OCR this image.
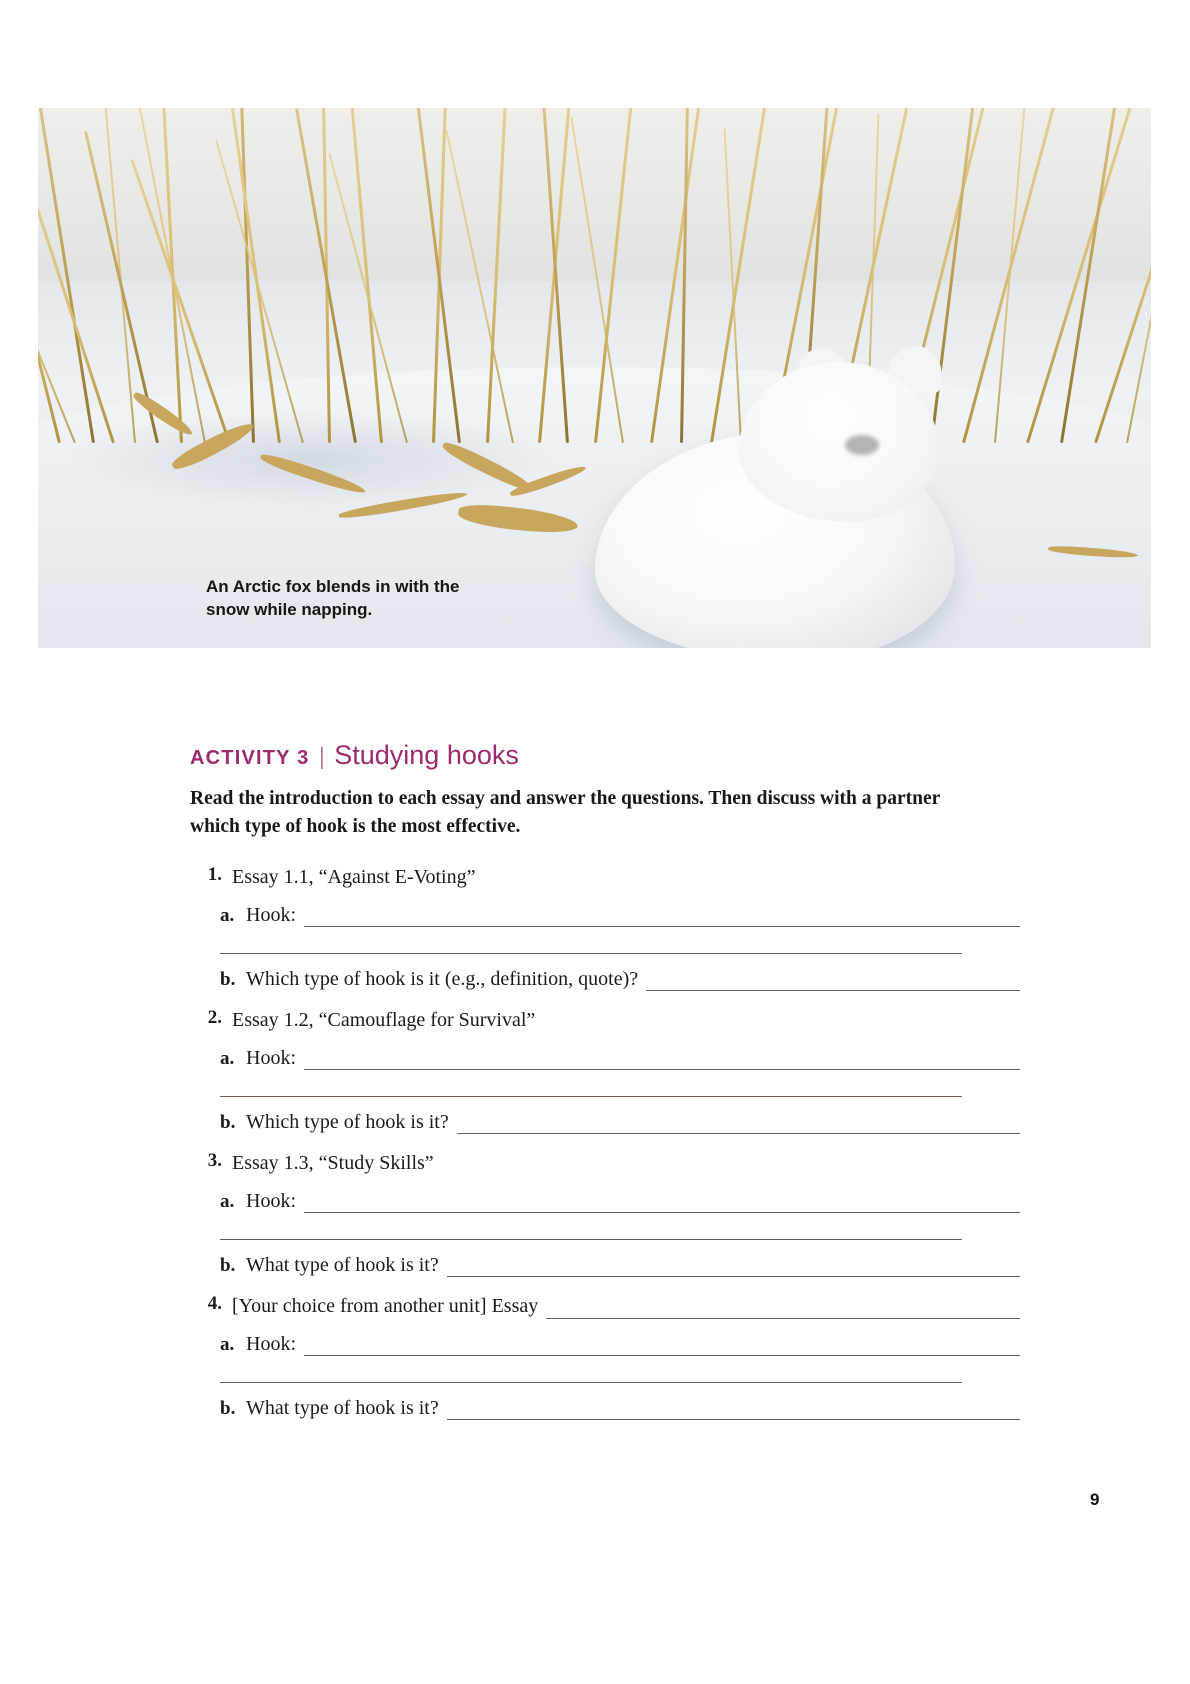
An Arctic fox blends in with the snow while napping.
ACTIVITY 3 | Studying hooks

Read the introduction to each essay and answer the questions. Then discuss with a partner which type of hook is the most effective.

1. Essay 1.1, “Against E-Voting”
a. Hook:
b. Which type of hook is it (e.g., definition, quote)?
2. Essay 1.2, “Camouflage for Survival”
a. Hook:
b. Which type of hook is it?
3. Essay 1.3, “Study Skills”
a. Hook:
b. What type of hook is it?
4. [Your choice from another unit] Essay
a. Hook:
b. What type of hook is it?
9
